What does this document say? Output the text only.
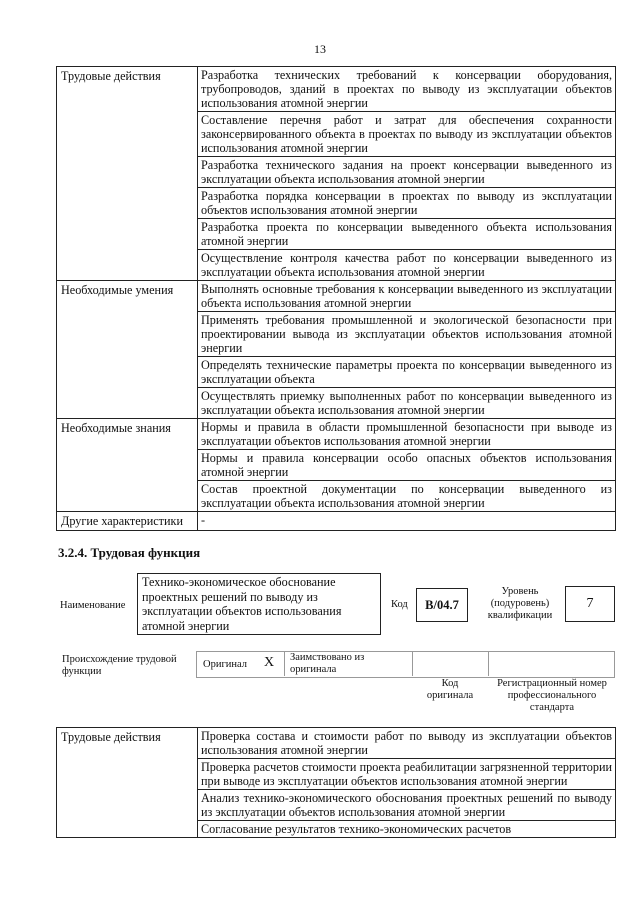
13
Трудовые действия	Разработка технических требований к консервации оборудования, трубопроводов, зданий в проектах по выводу из эксплуатации объектов использования атомной энергии
	Составление перечня работ и затрат для обеспечения сохранности законсервированного объекта в проектах по выводу из эксплуатации объектов использования атомной энергии
	Разработка технического задания на проект консервации выведенного из эксплуатации объекта использования атомной энергии
	Разработка порядка консервации в проектах по выводу из эксплуатации объектов использования атомной энергии
	Разработка проекта по консервации выведенного объекта использования атомной энергии
	Осуществление контроля качества работ по консервации выведенного из эксплуатации объекта использования атомной энергии
Необходимые умения	Выполнять основные требования к консервации выведенного из эксплуатации объекта использования атомной энергии
	Применять требования промышленной и экологической безопасности при проектировании вывода из эксплуатации объектов использования атомной энергии
	Определять технические параметры проекта по консервации выведенного из эксплуатации объекта
	Осуществлять приемку выполненных работ по консервации выведенного из эксплуатации объекта использования атомной энергии
Необходимые знания	Нормы и правила в области промышленной безопасности при выводе из эксплуатации объектов использования атомной энергии
	Нормы и правила консервации особо опасных объектов использования атомной энергии
	Состав проектной документации по консервации выведенного из эксплуатации объекта использования атомной энергии
Другие характеристики	-
3.2.4. Трудовая функция
Наименование
Технико-экономическое обоснование проектных решений по выводу из эксплуатации объектов использования атомной энергии
Код	B/04.7
Уровень (подуровень) квалификации
7
Происхождение трудовой функции
Оригинал X Заимствовано из оригинала
Код оригинала
Регистрационный номер профессионального стандарта
Трудовые действия	Проверка состава и стоимости работ по выводу из эксплуатации объектов использования атомной энергии
Проверка расчетов стоимости проекта реабилитации загрязненной территории при выводе из эксплуатации объектов использования атомной энергии
Анализ технико-экономического обоснования проектных решений по выводу из эксплуатации объектов использования атомной энергии
Согласование результатов технико-экономических расчетов
